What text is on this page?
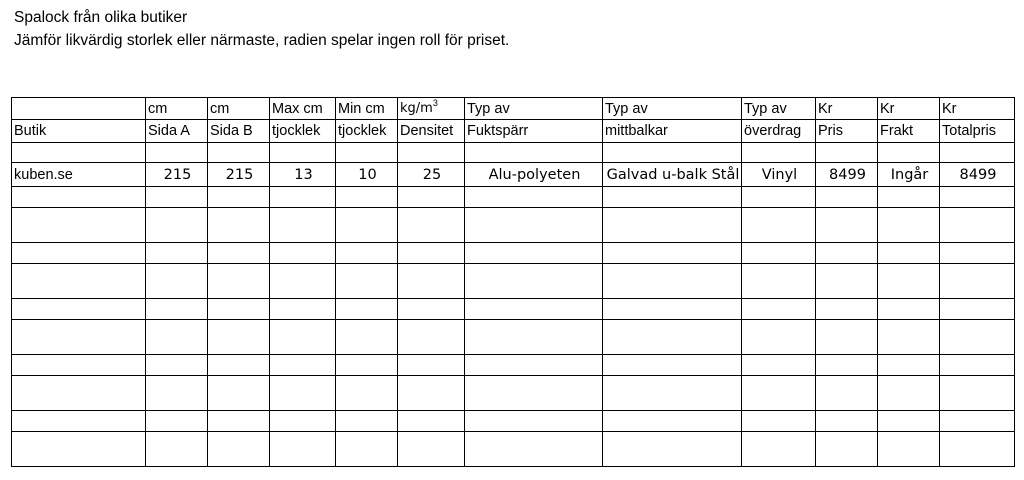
Spalock från olika butiker
Jämför likvärdig storlek eller närmaste, radien spelar ingen roll för priset.
	cm	cm	Max cm	Min cm	$kg/m^3$	Typ av	Typ av	Typ av	Kr	Kr	Kr
Butik	Sida A	Sida B	tjocklek	tjocklek	Densitet	Fuktspärr	mittbalkar	överdrag	Pris	Frakt	Totalpris

kuben.se	215	215	13	10	25	Alu-polyeten	Galvad u-balk Stål	Vinyl	8499	Ingår	8499
